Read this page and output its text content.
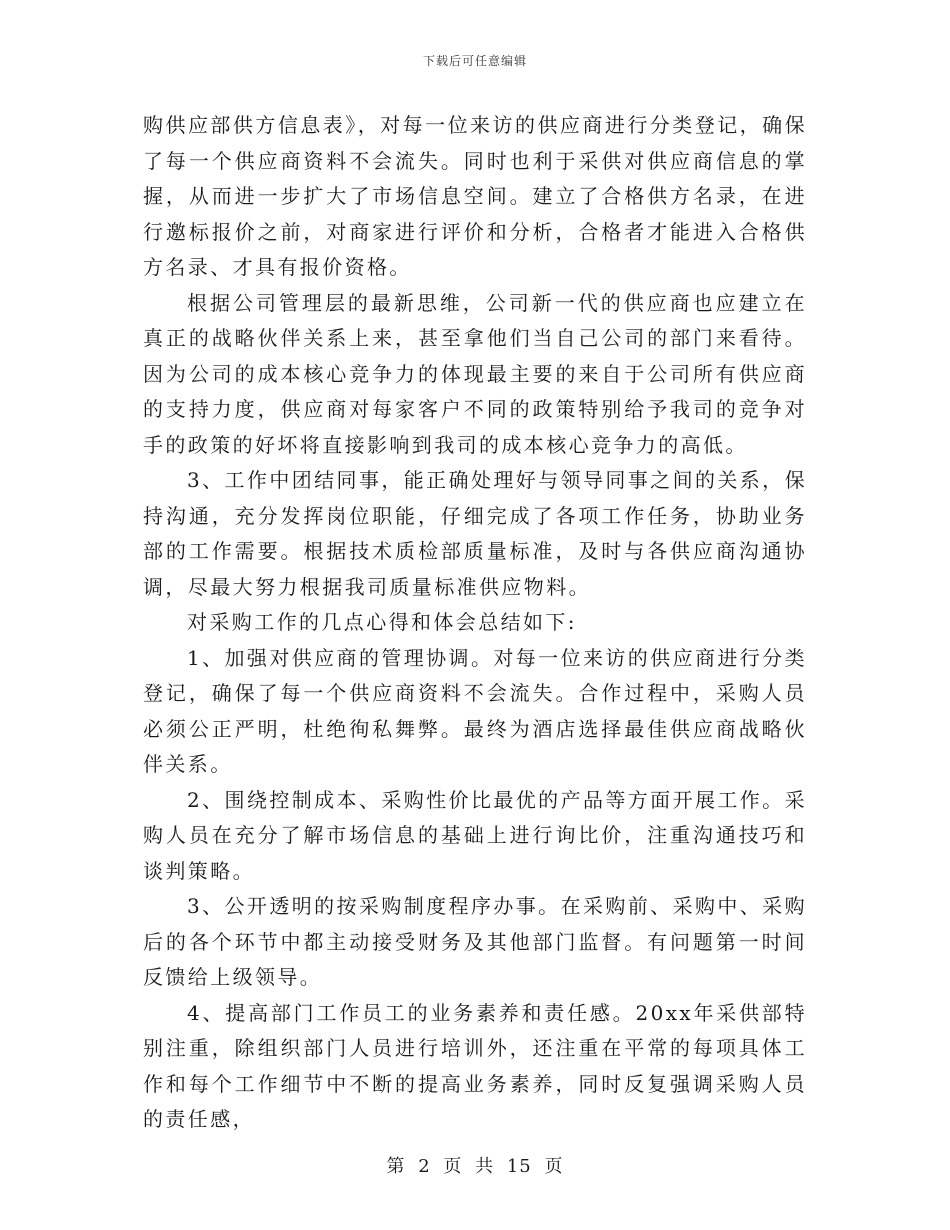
下载后可任意编辑

购供应部供方信息表》，对每一位来访的供应商进行分类登记，确保了每一个供应商资料不会流失。同时也利于采供对供应商信息的掌握，从而进一步扩大了市场信息空间。建立了合格供方名录，在进行邀标报价之前，对商家进行评价和分析，合格者才能进入合格供方名录、才具有报价资格。

根据公司管理层的最新思维，公司新一代的供应商也应建立在真正的战略伙伴关系上来，甚至拿他们当自己公司的部门来看待。因为公司的成本核心竞争力的体现最主要的来自于公司所有供应商的支持力度，供应商对每家客户不同的政策特别给予我司的竞争对手的政策的好坏将直接影响到我司的成本核心竞争力的高低。

3、工作中团结同事，能正确处理好与领导同事之间的关系，保持沟通，充分发挥岗位职能，仔细完成了各项工作任务，协助业务部的工作需要。根据技术质检部质量标准，及时与各供应商沟通协调，尽最大努力根据我司质量标准供应物料。

对采购工作的几点心得和体会总结如下:

1、加强对供应商的管理协调。对每一位来访的供应商进行分类登记，确保了每一个供应商资料不会流失。合作过程中，采购人员必须公正严明，杜绝徇私舞弊。最终为酒店选择最佳供应商战略伙伴关系。

2、围绕控制成本、采购性价比最优的产品等方面开展工作。采购人员在充分了解市场信息的基础上进行询比价，注重沟通技巧和谈判策略。

3、公开透明的按采购制度程序办事。在采购前、采购中、采购后的各个环节中都主动接受财务及其他部门监督。有问题第一时间反馈给上级领导。

4、提高部门工作员工的业务素养和责任感。20xx年采供部特别注重，除组织部门人员进行培训外，还注重在平常的每项具体工作和每个工作细节中不断的提高业务素养，同时反复强调采购人员的责任感，

第 2 页 共 15 页
